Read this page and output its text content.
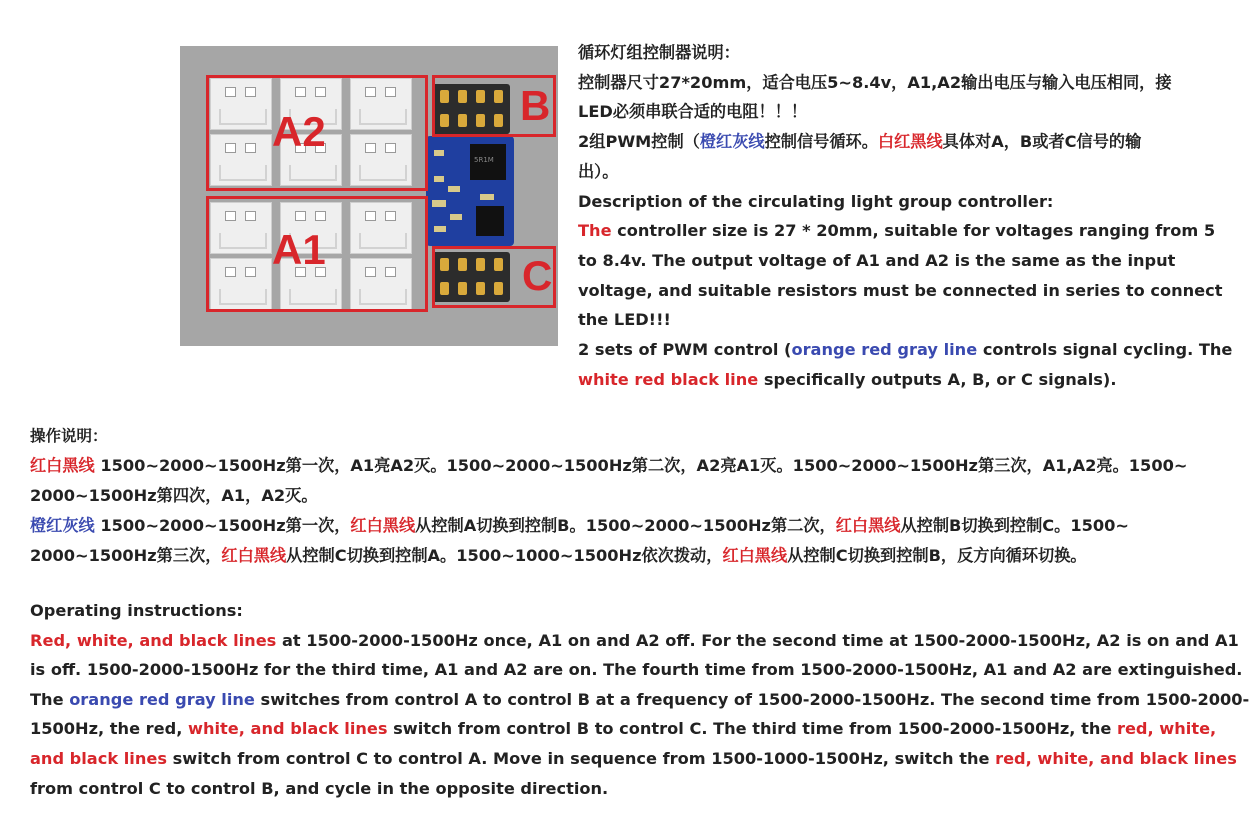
5R1M
A2
A1
B
C

循环灯组控制器说明：

控制器尺寸27*20mm，适合电压5~8.4v，A1,A2输出电压与输入电压相同，接

LED必须串联合适的电阻！！！

2组PWM控制（橙红灰线控制信号循环。白红黑线具体对A，B或者C信号的输

出）。

Description of the circulating light group controller:

The controller size is 27 * 20mm, suitable for voltages ranging from 5

to 8.4v. The output voltage of A1 and A2 is the same as the input

voltage, and suitable resistors must be connected in series to connect

the LED!!!

2 sets of PWM control (orange red gray line controls signal cycling. The

white red black line specifically outputs A, B, or C signals).

操作说明：

红白黑线 1500~2000~1500Hz第一次，A1亮A2灭。1500~2000~1500Hz第二次，A2亮A1灭。1500~2000~1500Hz第三次，A1,A2亮。1500~

2000~1500Hz第四次，A1，A2灭。

橙红灰线 1500~2000~1500Hz第一次，红白黑线从控制A切换到控制B。1500~2000~1500Hz第二次，红白黑线从控制B切换到控制C。1500~

2000~1500Hz第三次，红白黑线从控制C切换到控制A。1500~1000~1500Hz依次拨动，红白黑线从控制C切换到控制B，反方向循环切换。

Operating instructions:

Red, white, and black lines at 1500-2000-1500Hz once, A1 on and A2 off. For the second time at 1500-2000-1500Hz, A2 is on and A1

is off. 1500-2000-1500Hz for the third time, A1 and A2 are on. The fourth time from 1500-2000-1500Hz, A1 and A2 are extinguished.

The orange red gray line switches from control A to control B at a frequency of 1500-2000-1500Hz. The second time from 1500-2000-

1500Hz, the red, white, and black lines switch from control B to control C. The third time from 1500-2000-1500Hz, the red, white,

and black lines switch from control C to control A. Move in sequence from 1500-1000-1500Hz, switch the red, white, and black lines

from control C to control B, and cycle in the opposite direction.
